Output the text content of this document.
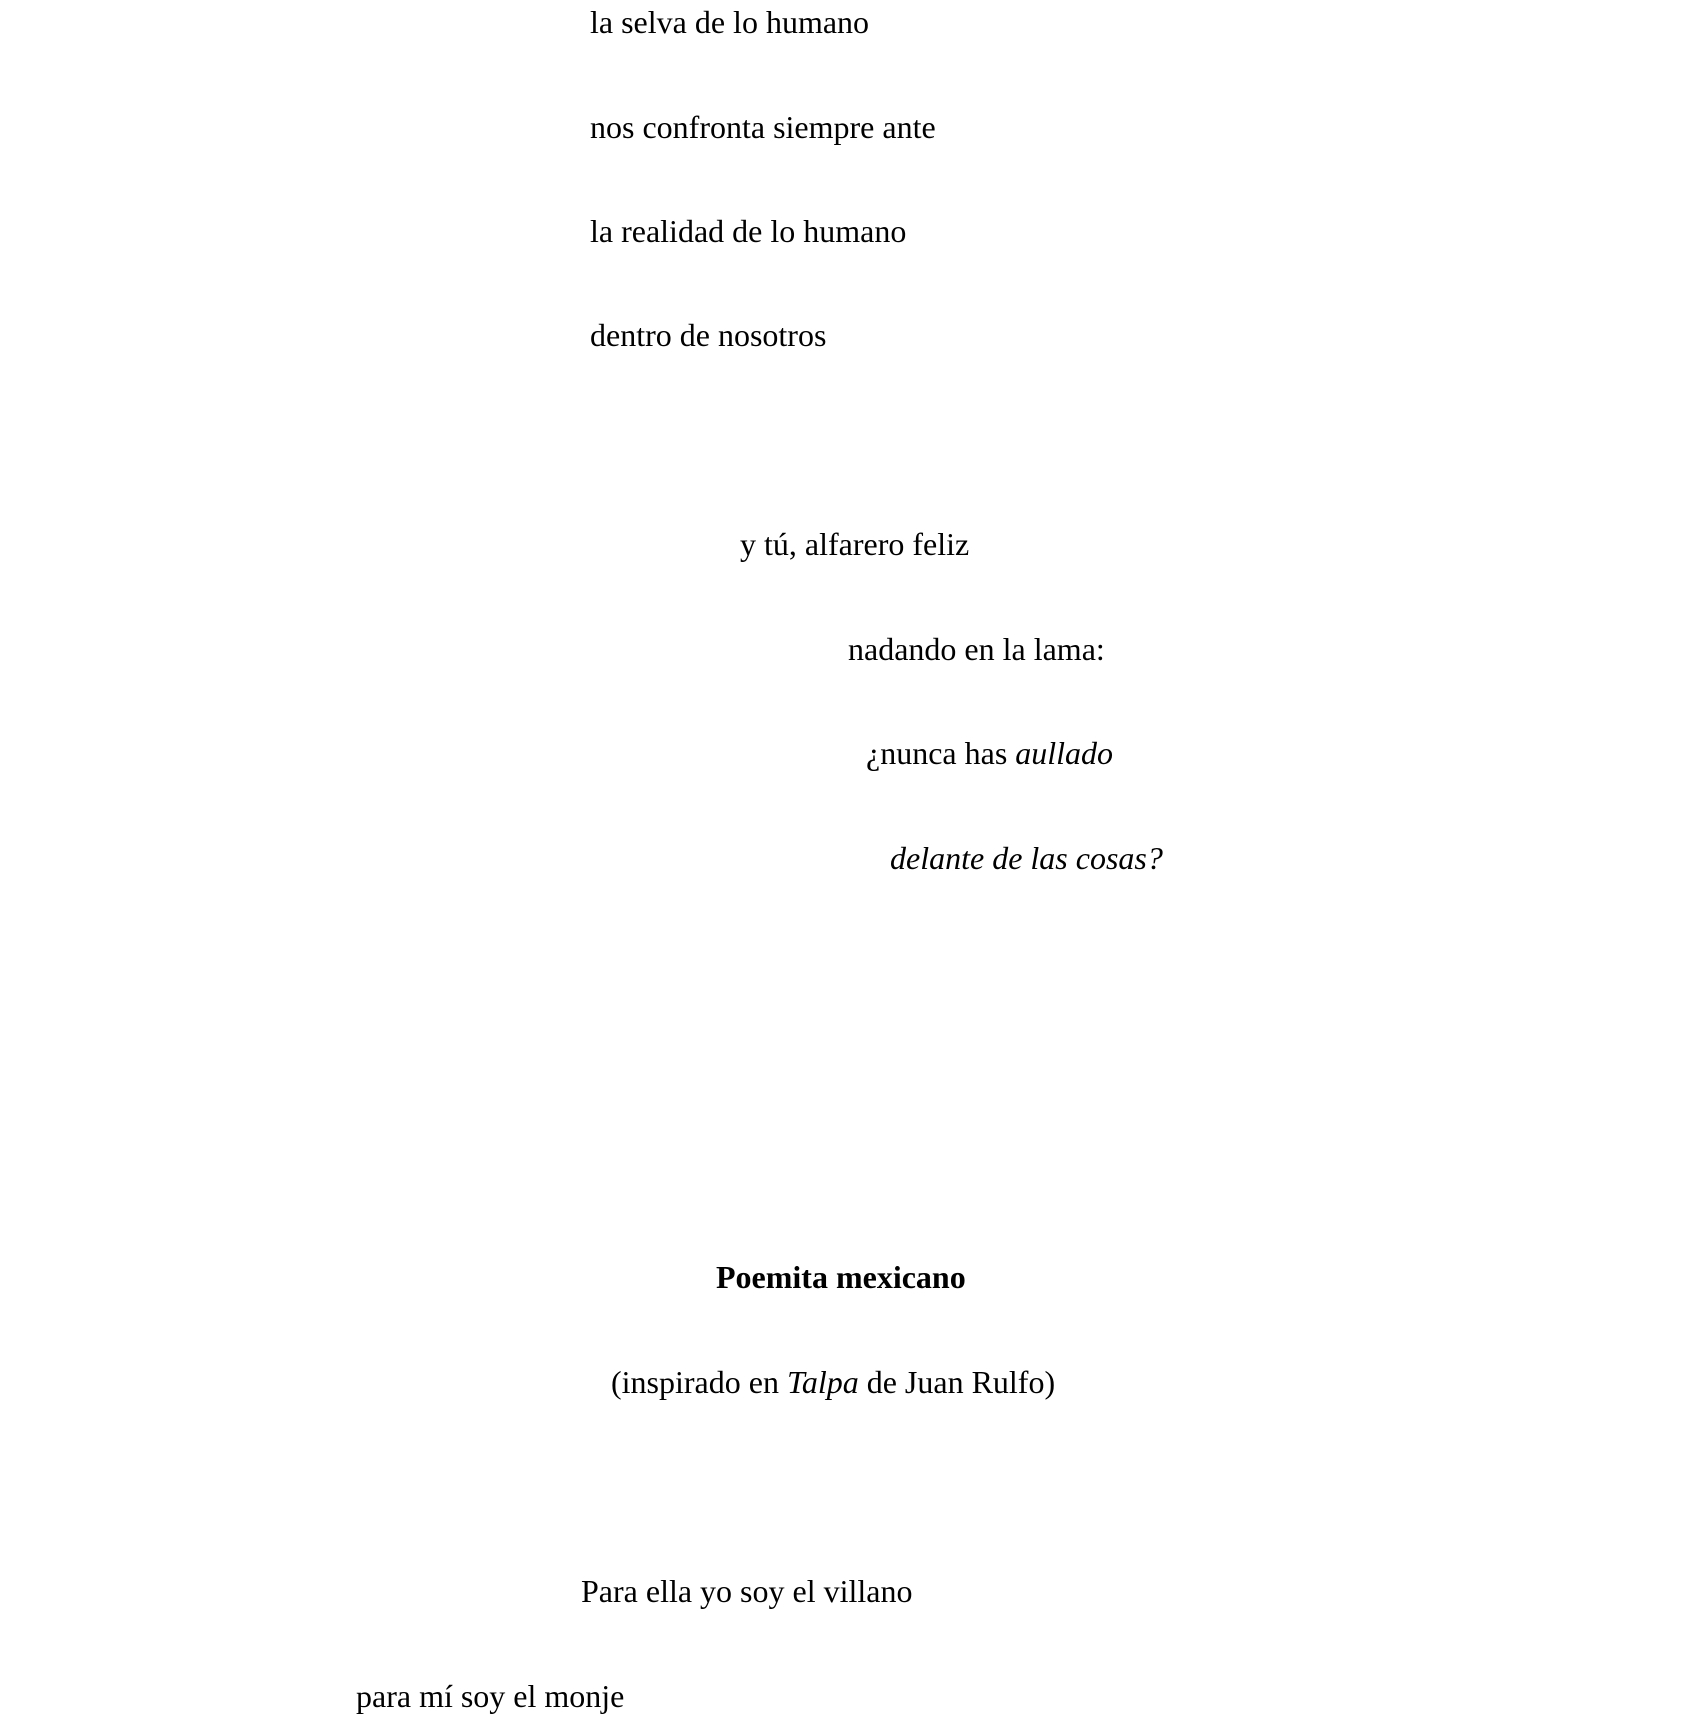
la selva de lo humano

nos confronta siempre ante

la realidad de lo humano

dentro de nosotros

y tú, alfarero feliz

nadando en la lama:

¿nunca has aullado

delante de las cosas?

Poemita mexicano

(inspirado en Talpa de Juan Rulfo)

Para ella yo soy el villano

para mí soy el monje
